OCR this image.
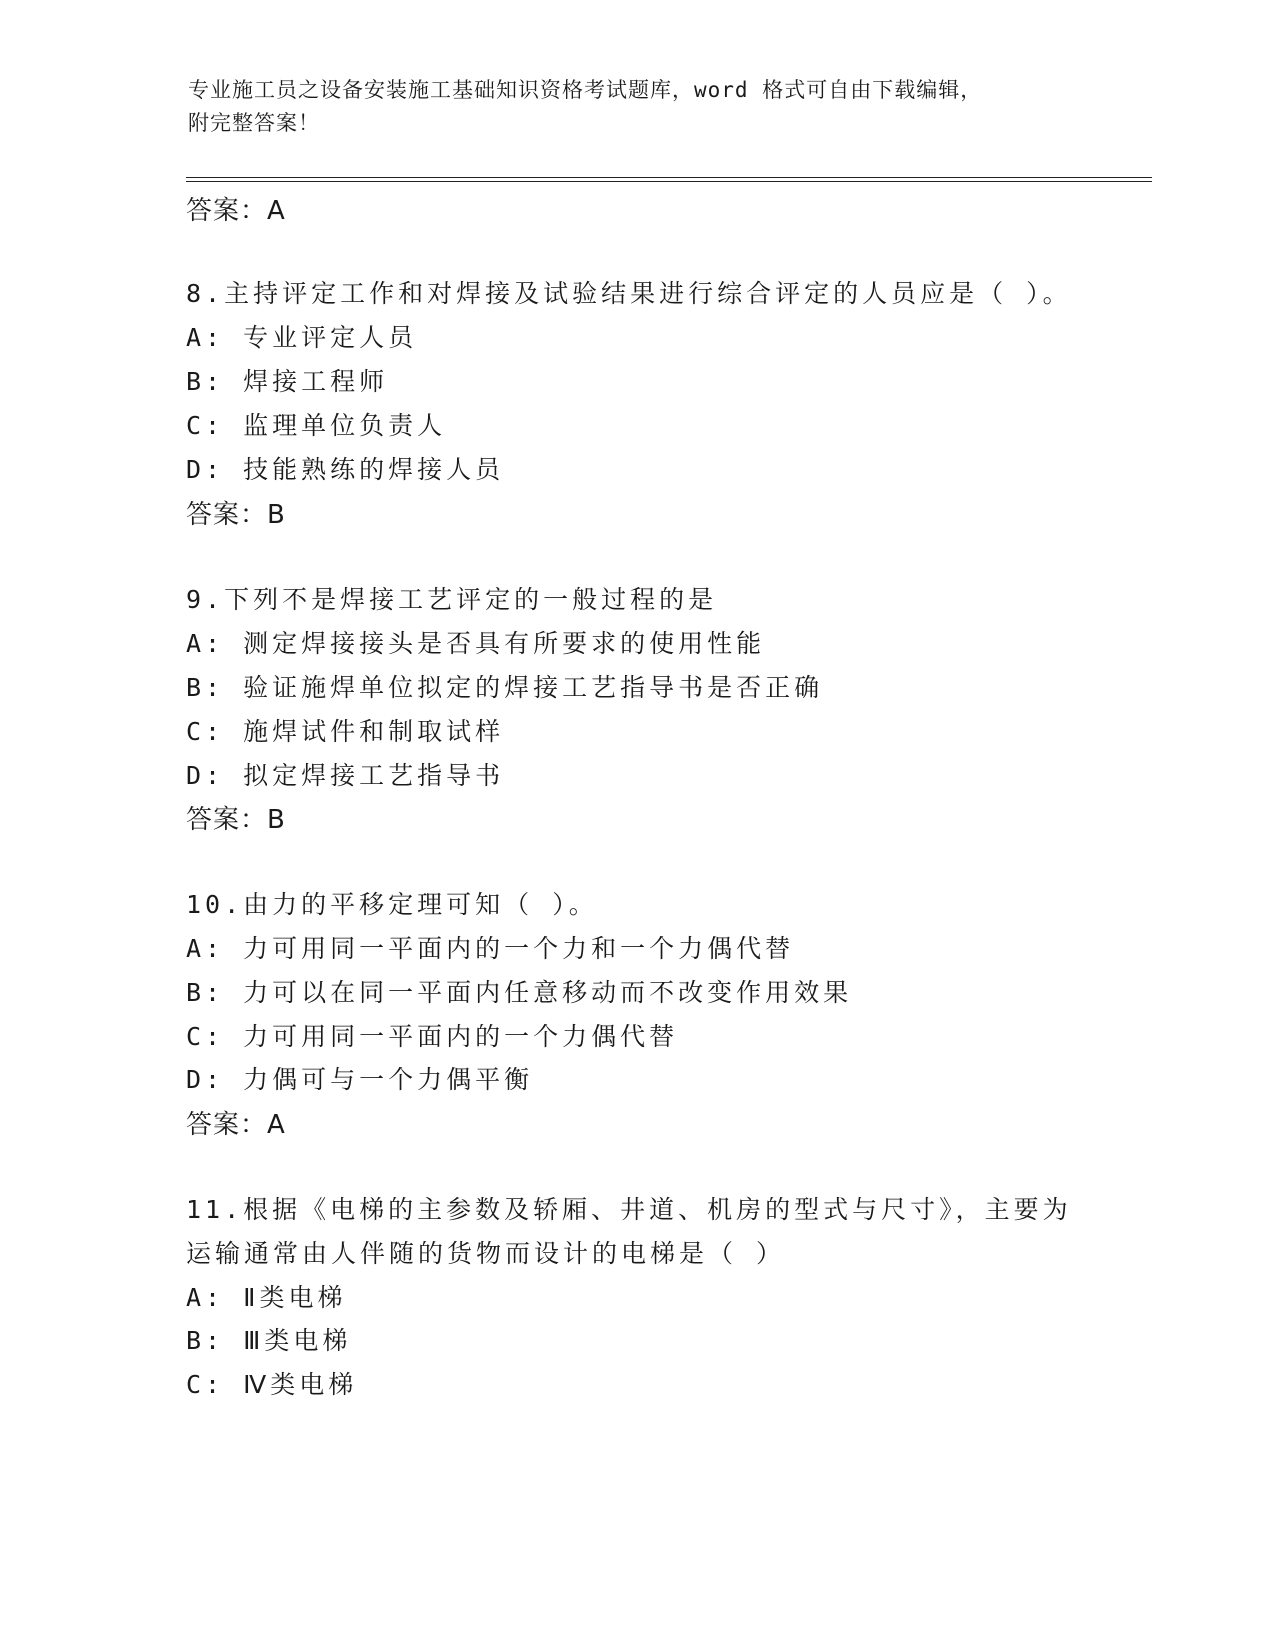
专业施工员之设备安装施工基础知识资格考试题库，word 格式可自由下载编辑，
附完整答案！
答案：A
8.主持评定工作和对焊接及试验结果进行综合评定的人员应是（ ）。
A: 专业评定人员
B: 焊接工程师
C: 监理单位负责人
D: 技能熟练的焊接人员
答案：B
9.下列不是焊接工艺评定的一般过程的是
A: 测定焊接接头是否具有所要求的使用性能
B: 验证施焊单位拟定的焊接工艺指导书是否正确
C: 施焊试件和制取试样
D: 拟定焊接工艺指导书
答案：B
10.由力的平移定理可知（ ）。
A: 力可用同一平面内的一个力和一个力偶代替
B: 力可以在同一平面内任意移动而不改变作用效果
C: 力可用同一平面内的一个力偶代替
D: 力偶可与一个力偶平衡
答案：A
11.根据《电梯的主参数及轿厢、井道、机房的型式与尺寸》，主要为
运输通常由人伴随的货物而设计的电梯是（ ）
A: Ⅱ类电梯
B: Ⅲ类电梯
C: Ⅳ类电梯
